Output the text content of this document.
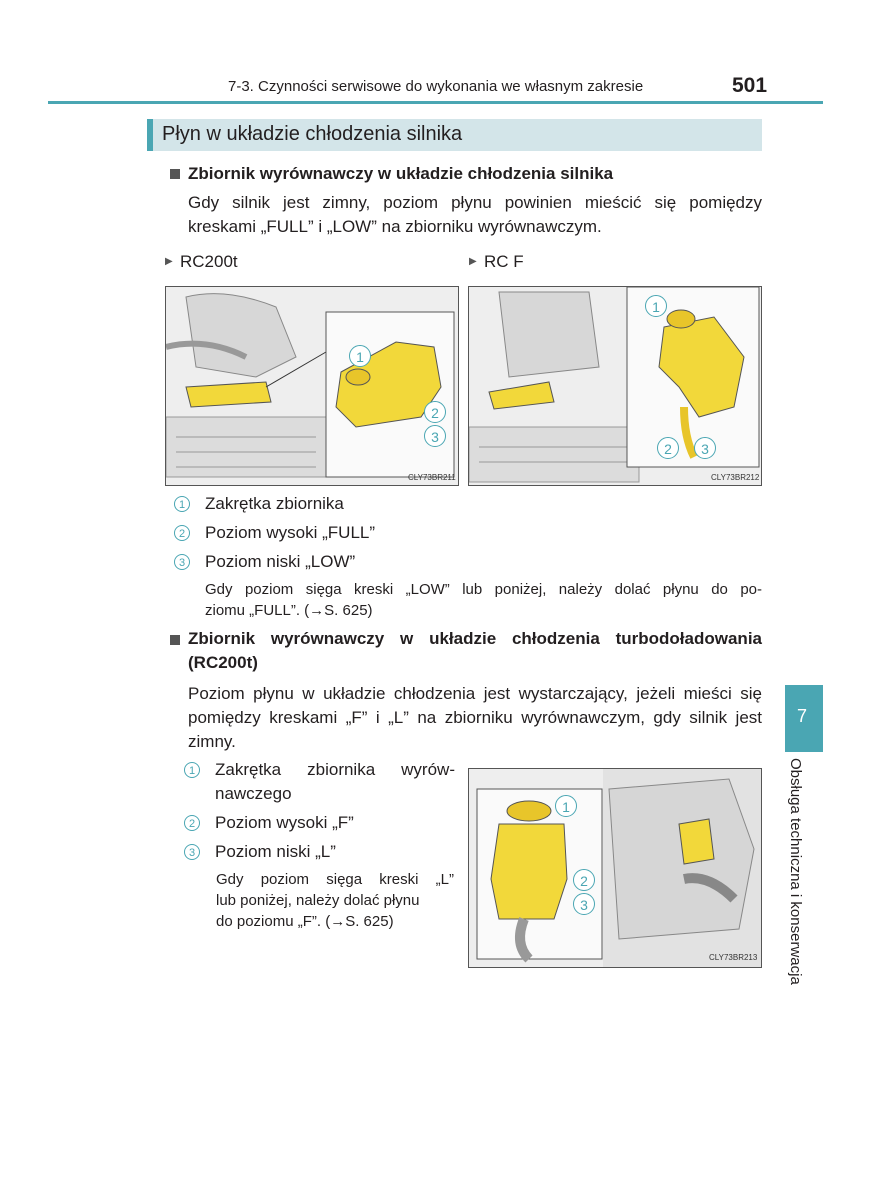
7-3. Czynności serwisowe do wykonania we własnym zakresie	501
Płyn w układzie chłodzenia silnika
Zbiornik wyrównawczy w układzie chłodzenia silnika
Gdy silnik jest zimny, poziom płynu powinien mieścić się pomiędzy
kreskami „FULL” i „LOW” na zbiorniku wyrównawczym.
▶ RC200t	▶ RC F
1
2
3
CLY73BR211
1
2	3
CLY73BR212
1 Zakrętka zbiornika
2 Poziom wysoki „FULL”
3 Poziom niski „LOW”
Gdy poziom sięga kreski „LOW” lub poniżej, należy dolać płynu do po-
ziomu „FULL”. (→S. 625)
Zbiornik wyrównawczy w układzie chłodzenia turbodoładowania
(RC200t)
Poziom płynu w układzie chłodzenia jest wystarczający, jeżeli mieści się
pomiędzy kreskami „F” i „L” na zbiorniku wyrównawczym, gdy silnik jest
zimny.
1 Zakrętka zbiornika wyrów-
nawczego
2 Poziom wysoki „F”
3 Poziom niski „L”
Gdy poziom sięga kreski „L”
lub poniżej, należy dolać płynu
do poziomu „F”. (→S. 625)
1
2
3
CLY73BR213
7
Obsługa techniczna i konserwacja
